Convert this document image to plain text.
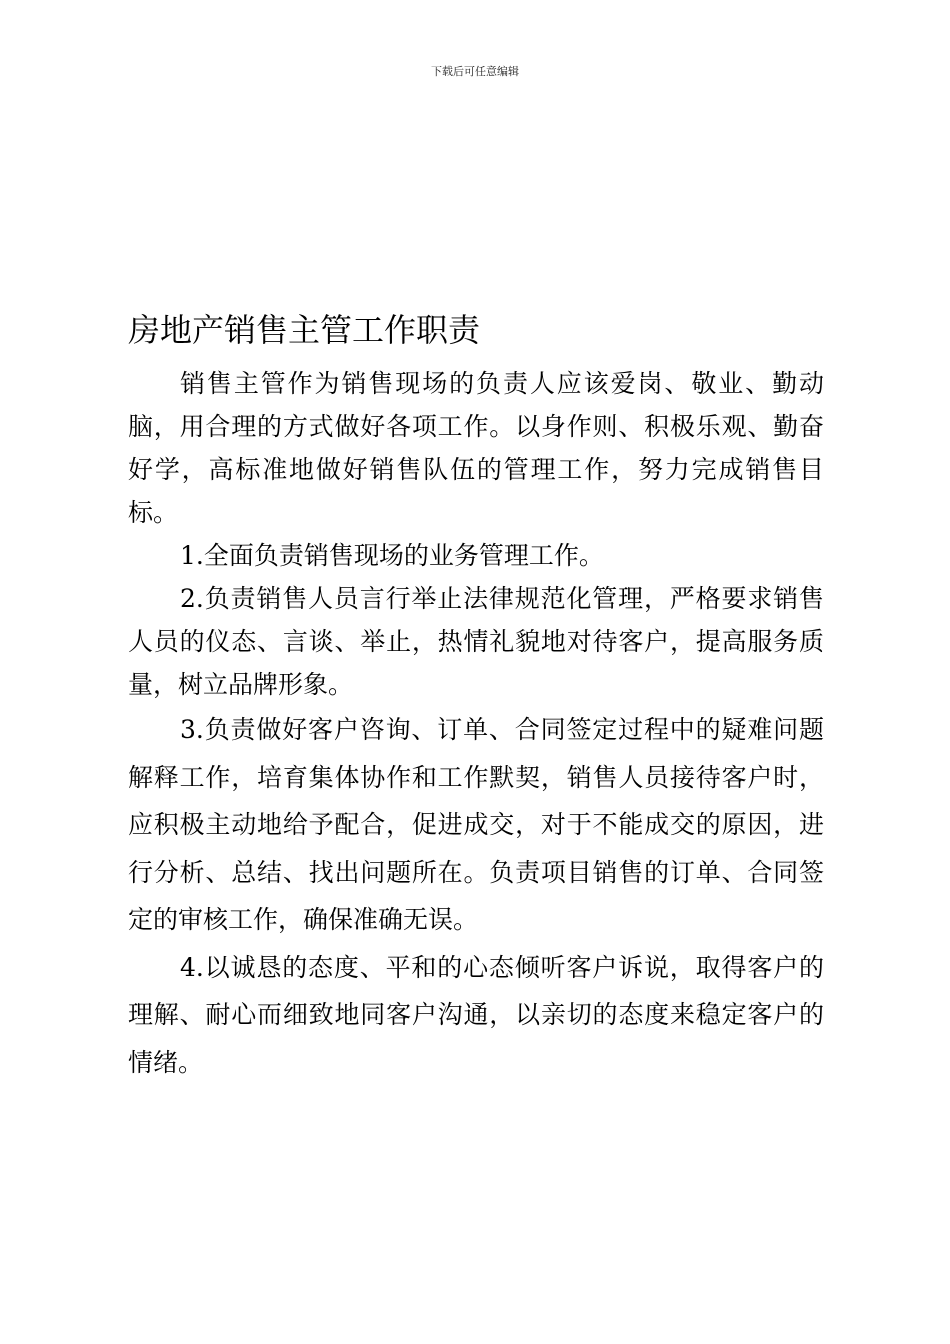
下载后可任意编辑
房地产销售主管工作职责

销售主管作为销售现场的负责人应该爱岗、敬业、勤动脑，用合理的方式做好各项工作。以身作则、积极乐观、勤奋好学，高标准地做好销售队伍的管理工作，努力完成销售目标。

1.全面负责销售现场的业务管理工作。

2.负责销售人员言行举止法律规范化管理，严格要求销售人员的仪态、言谈、举止，热情礼貌地对待客户，提高服务质量，树立品牌形象。

3.负责做好客户咨询、订单、合同签定过程中的疑难问题解释工作，培育集体协作和工作默契，销售人员接待客户时，应积极主动地给予配合，促进成交，对于不能成交的原因，进行分析、总结、找出问题所在。负责项目销售的订单、合同签定的审核工作，确保准确无误。

4.以诚恳的态度、平和的心态倾听客户诉说，取得客户的理解、耐心而细致地同客户沟通，以亲切的态度来稳定客户的情绪。
